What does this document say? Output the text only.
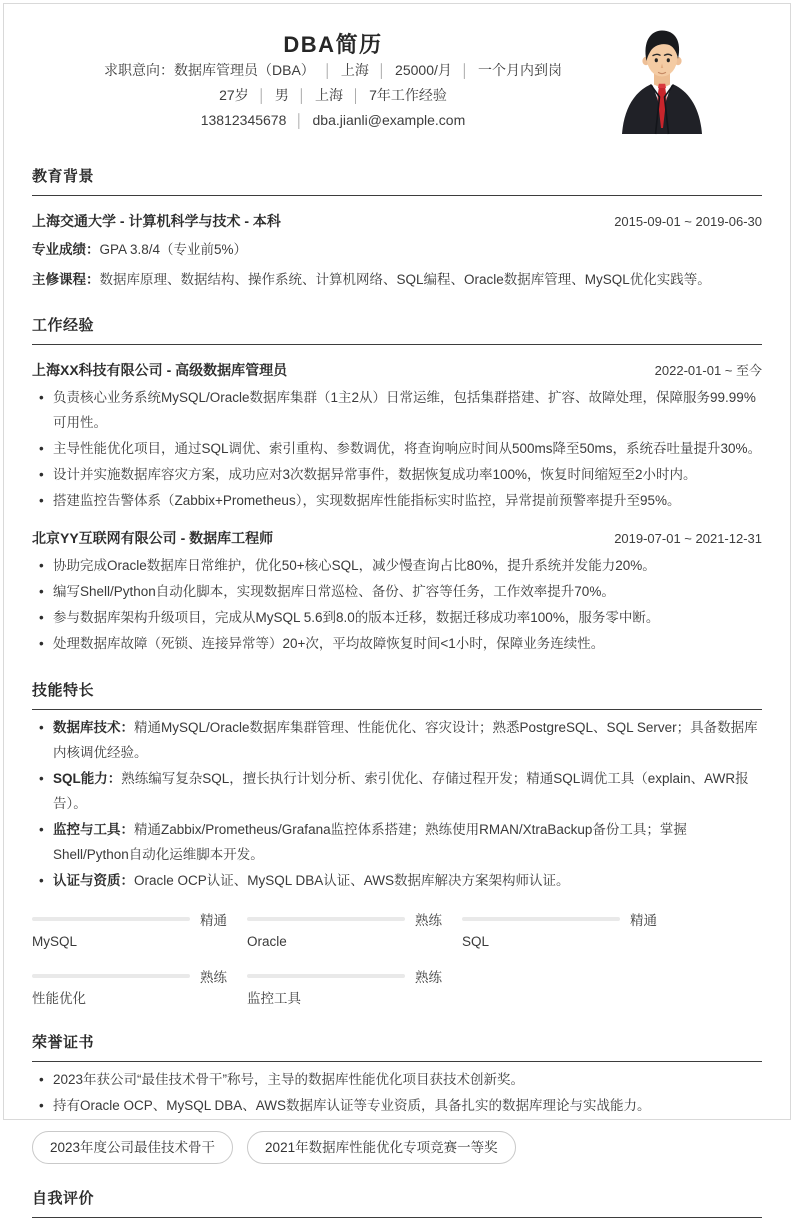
DBA简历
求职意向：数据库管理员（DBA） │ 上海 │ 25000/月 │ 一个月内到岗
27岁 │ 男 │ 上海 │ 7年工作经验
13812345678 │ dba.jianli@example.com
教育背景
上海交通大学 - 计算机科学与技术 - 本科	2015-09-01 ~ 2019-06-30
专业成绩：GPA 3.8/4（专业前5%）
主修课程：数据库原理、数据结构、操作系统、计算机网络、SQL编程、Oracle数据库管理、MySQL优化实践等。
工作经验
上海XX科技有限公司 - 高级数据库管理员	2022-01-01 ~ 至今
• 负责核心业务系统MySQL/Oracle数据库集群（1主2从）日常运维，包括集群搭建、扩容、故障处理，保障服务99.99%可用性。
• 主导性能优化项目，通过SQL调优、索引重构、参数调优，将查询响应时间从500ms降至50ms，系统吞吐量提升30%。
• 设计并实施数据库容灾方案，成功应对3次数据异常事件，数据恢复成功率100%，恢复时间缩短至2小时内。
• 搭建监控告警体系（Zabbix+Prometheus），实现数据库性能指标实时监控，异常提前预警率提升至95%。
北京YY互联网有限公司 - 数据库工程师	2019-07-01 ~ 2021-12-31
• 协助完成Oracle数据库日常维护，优化50+核心SQL，减少慢查询占比80%，提升系统并发能力20%。
• 编写Shell/Python自动化脚本，实现数据库日常巡检、备份、扩容等任务，工作效率提升70%。
• 参与数据库架构升级项目，完成从MySQL 5.6到8.0的版本迁移，数据迁移成功率100%，服务零中断。
• 处理数据库故障（死锁、连接异常等）20+次，平均故障恢复时间<1小时，保障业务连续性。
技能特长
• 数据库技术：精通MySQL/Oracle数据库集群管理、性能优化、容灾设计；熟悉PostgreSQL、SQL Server；具备数据库内核调优经验。
• SQL能力：熟练编写复杂SQL，擅长执行计划分析、索引优化、存储过程开发；精通SQL调优工具（explain、AWR报告）。
• 监控与工具：精通Zabbix/Prometheus/Grafana监控体系搭建；熟练使用RMAN/XtraBackup备份工具；掌握Shell/Python自动化运维脚本开发。
• 认证与资质：Oracle OCP认证、MySQL DBA认证、AWS数据库解决方案架构师认证。
精通
MySQL
熟练
Oracle
精通
SQL
熟练
性能优化
熟练
监控工具
荣誉证书
• 2023年获公司“最佳技术骨干”称号，主导的数据库性能优化项目获技术创新奖。
• 持有Oracle OCP、MySQL DBA、AWS数据库认证等专业资质，具备扎实的数据库理论与实战能力。
2023年度公司最佳技术骨干	2021年数据库性能优化专项竞赛一等奖
自我评价
